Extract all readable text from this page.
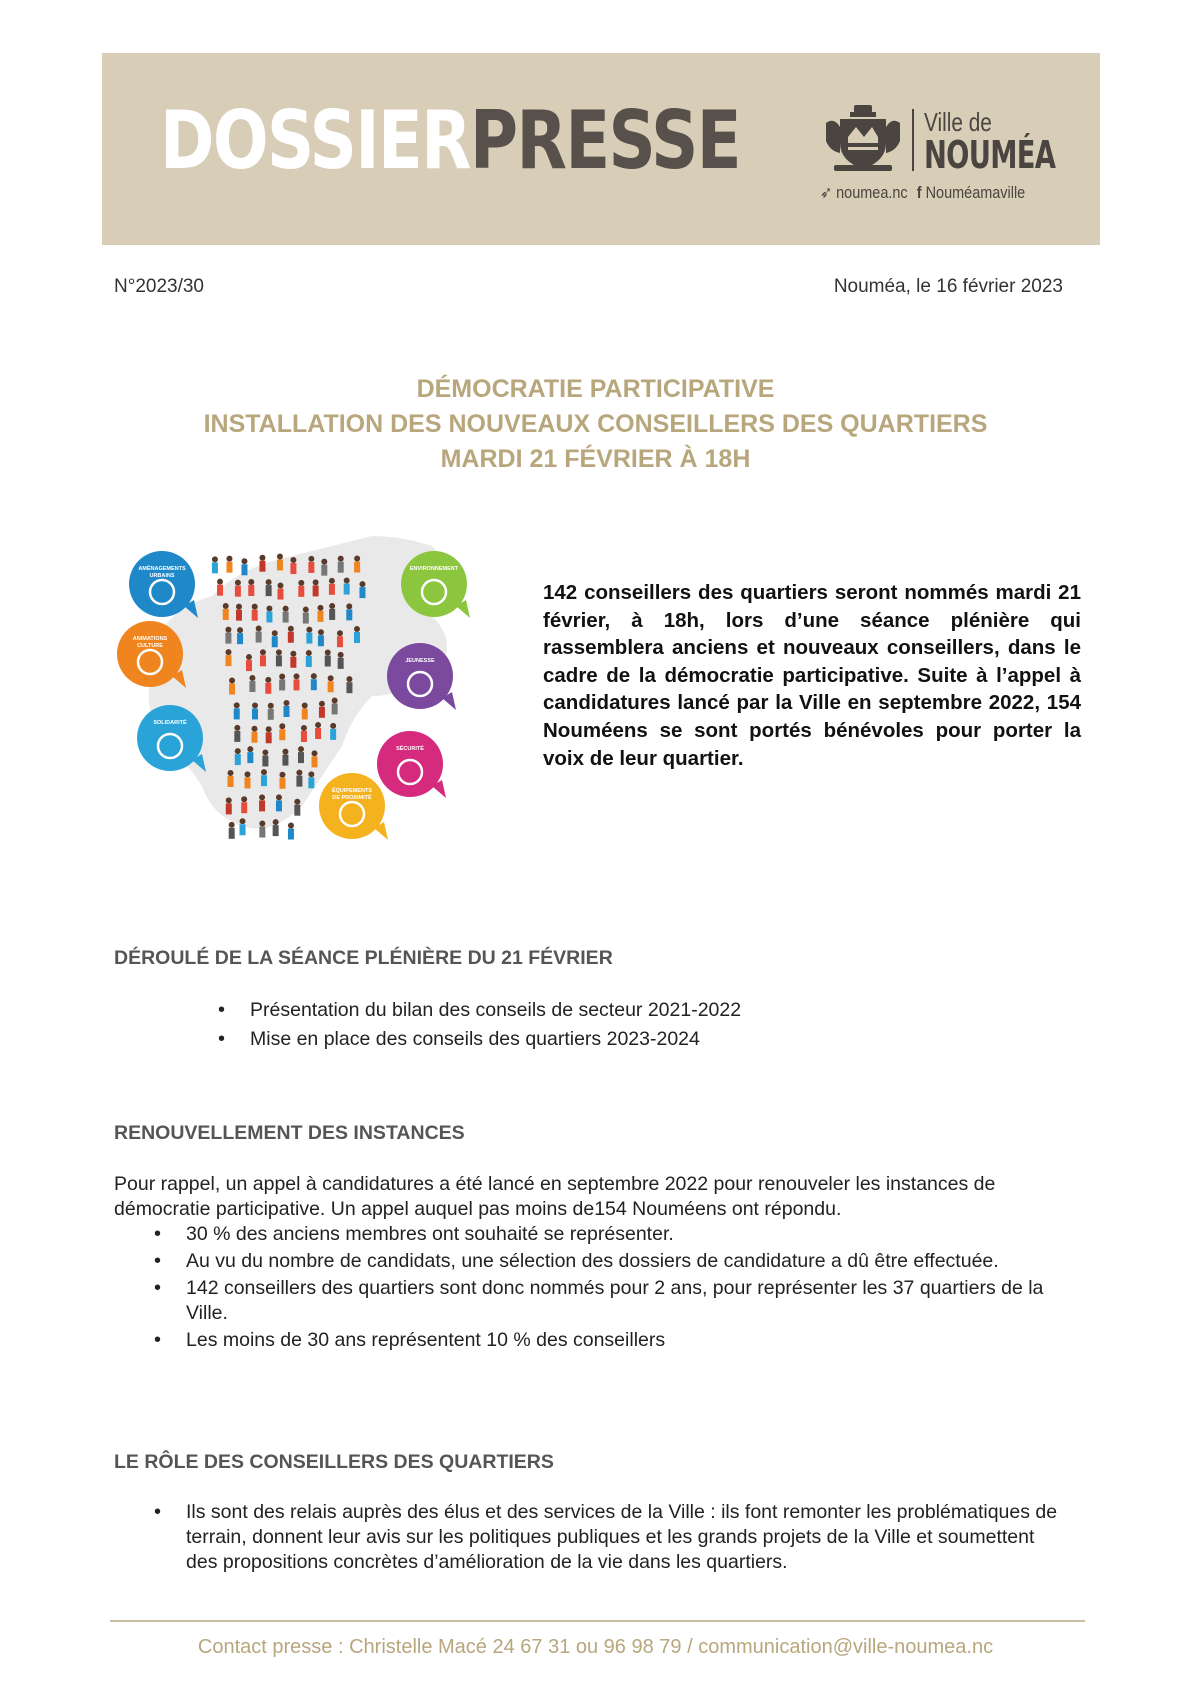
DOSSIERPRESSE	Ville de
NOUMÉA
➶ noumea.nc f Nouméamaville
N°2023/30	Nouméa, le 16 février 2023
DÉMOCRATIE PARTICIPATIVE
INSTALLATION DES NOUVEAUX CONSEILLERS DES QUARTIERS
MARDI 21 FÉVRIER À 18H
AMÉNAGEMENTS
URBAINS
ENVIRONNEMENT
ANIMATIONS
CULTURE
JEUNESSE
SOLIDARITÉ
SÉCURITÉ
ÉQUIPEMENTS
DE PROXIMITÉ
142 conseillers des quartiers seront nommés mardi 21 février, à 18h, lors d’une séance plénière qui rassemblera anciens et nouveaux conseillers, dans le cadre de la démocratie participative. Suite à l’appel à candidatures lancé par la Ville en septembre 2022, 154 Nouméens se sont portés bénévoles pour porter la voix de leur quartier.
DÉROULÉ DE LA SÉANCE PLÉNIÈRE DU 21 FÉVRIER
• Présentation du bilan des conseils de secteur 2021-2022
• Mise en place des conseils des quartiers 2023-2024
RENOUVELLEMENT DES INSTANCES
Pour rappel, un appel à candidatures a été lancé en septembre 2022 pour renouveler les instances de démocratie participative. Un appel auquel pas moins de154 Nouméens ont répondu.
• 30 % des anciens membres ont souhaité se représenter.
• Au vu du nombre de candidats, une sélection des dossiers de candidature a dû être effectuée.
• 142 conseillers des quartiers sont donc nommés pour 2 ans, pour représenter les 37 quartiers de la Ville.
• Les moins de 30 ans représentent 10 % des conseillers
LE RÔLE DES CONSEILLERS DES QUARTIERS
• Ils sont des relais auprès des élus et des services de la Ville : ils font remonter les problématiques de terrain, donnent leur avis sur les politiques publiques et les grands projets de la Ville et soumettent des propositions concrètes d’amélioration de la vie dans les quartiers.
Contact presse : Christelle Macé 24 67 31 ou 96 98 79 / communication@ville-noumea.nc
